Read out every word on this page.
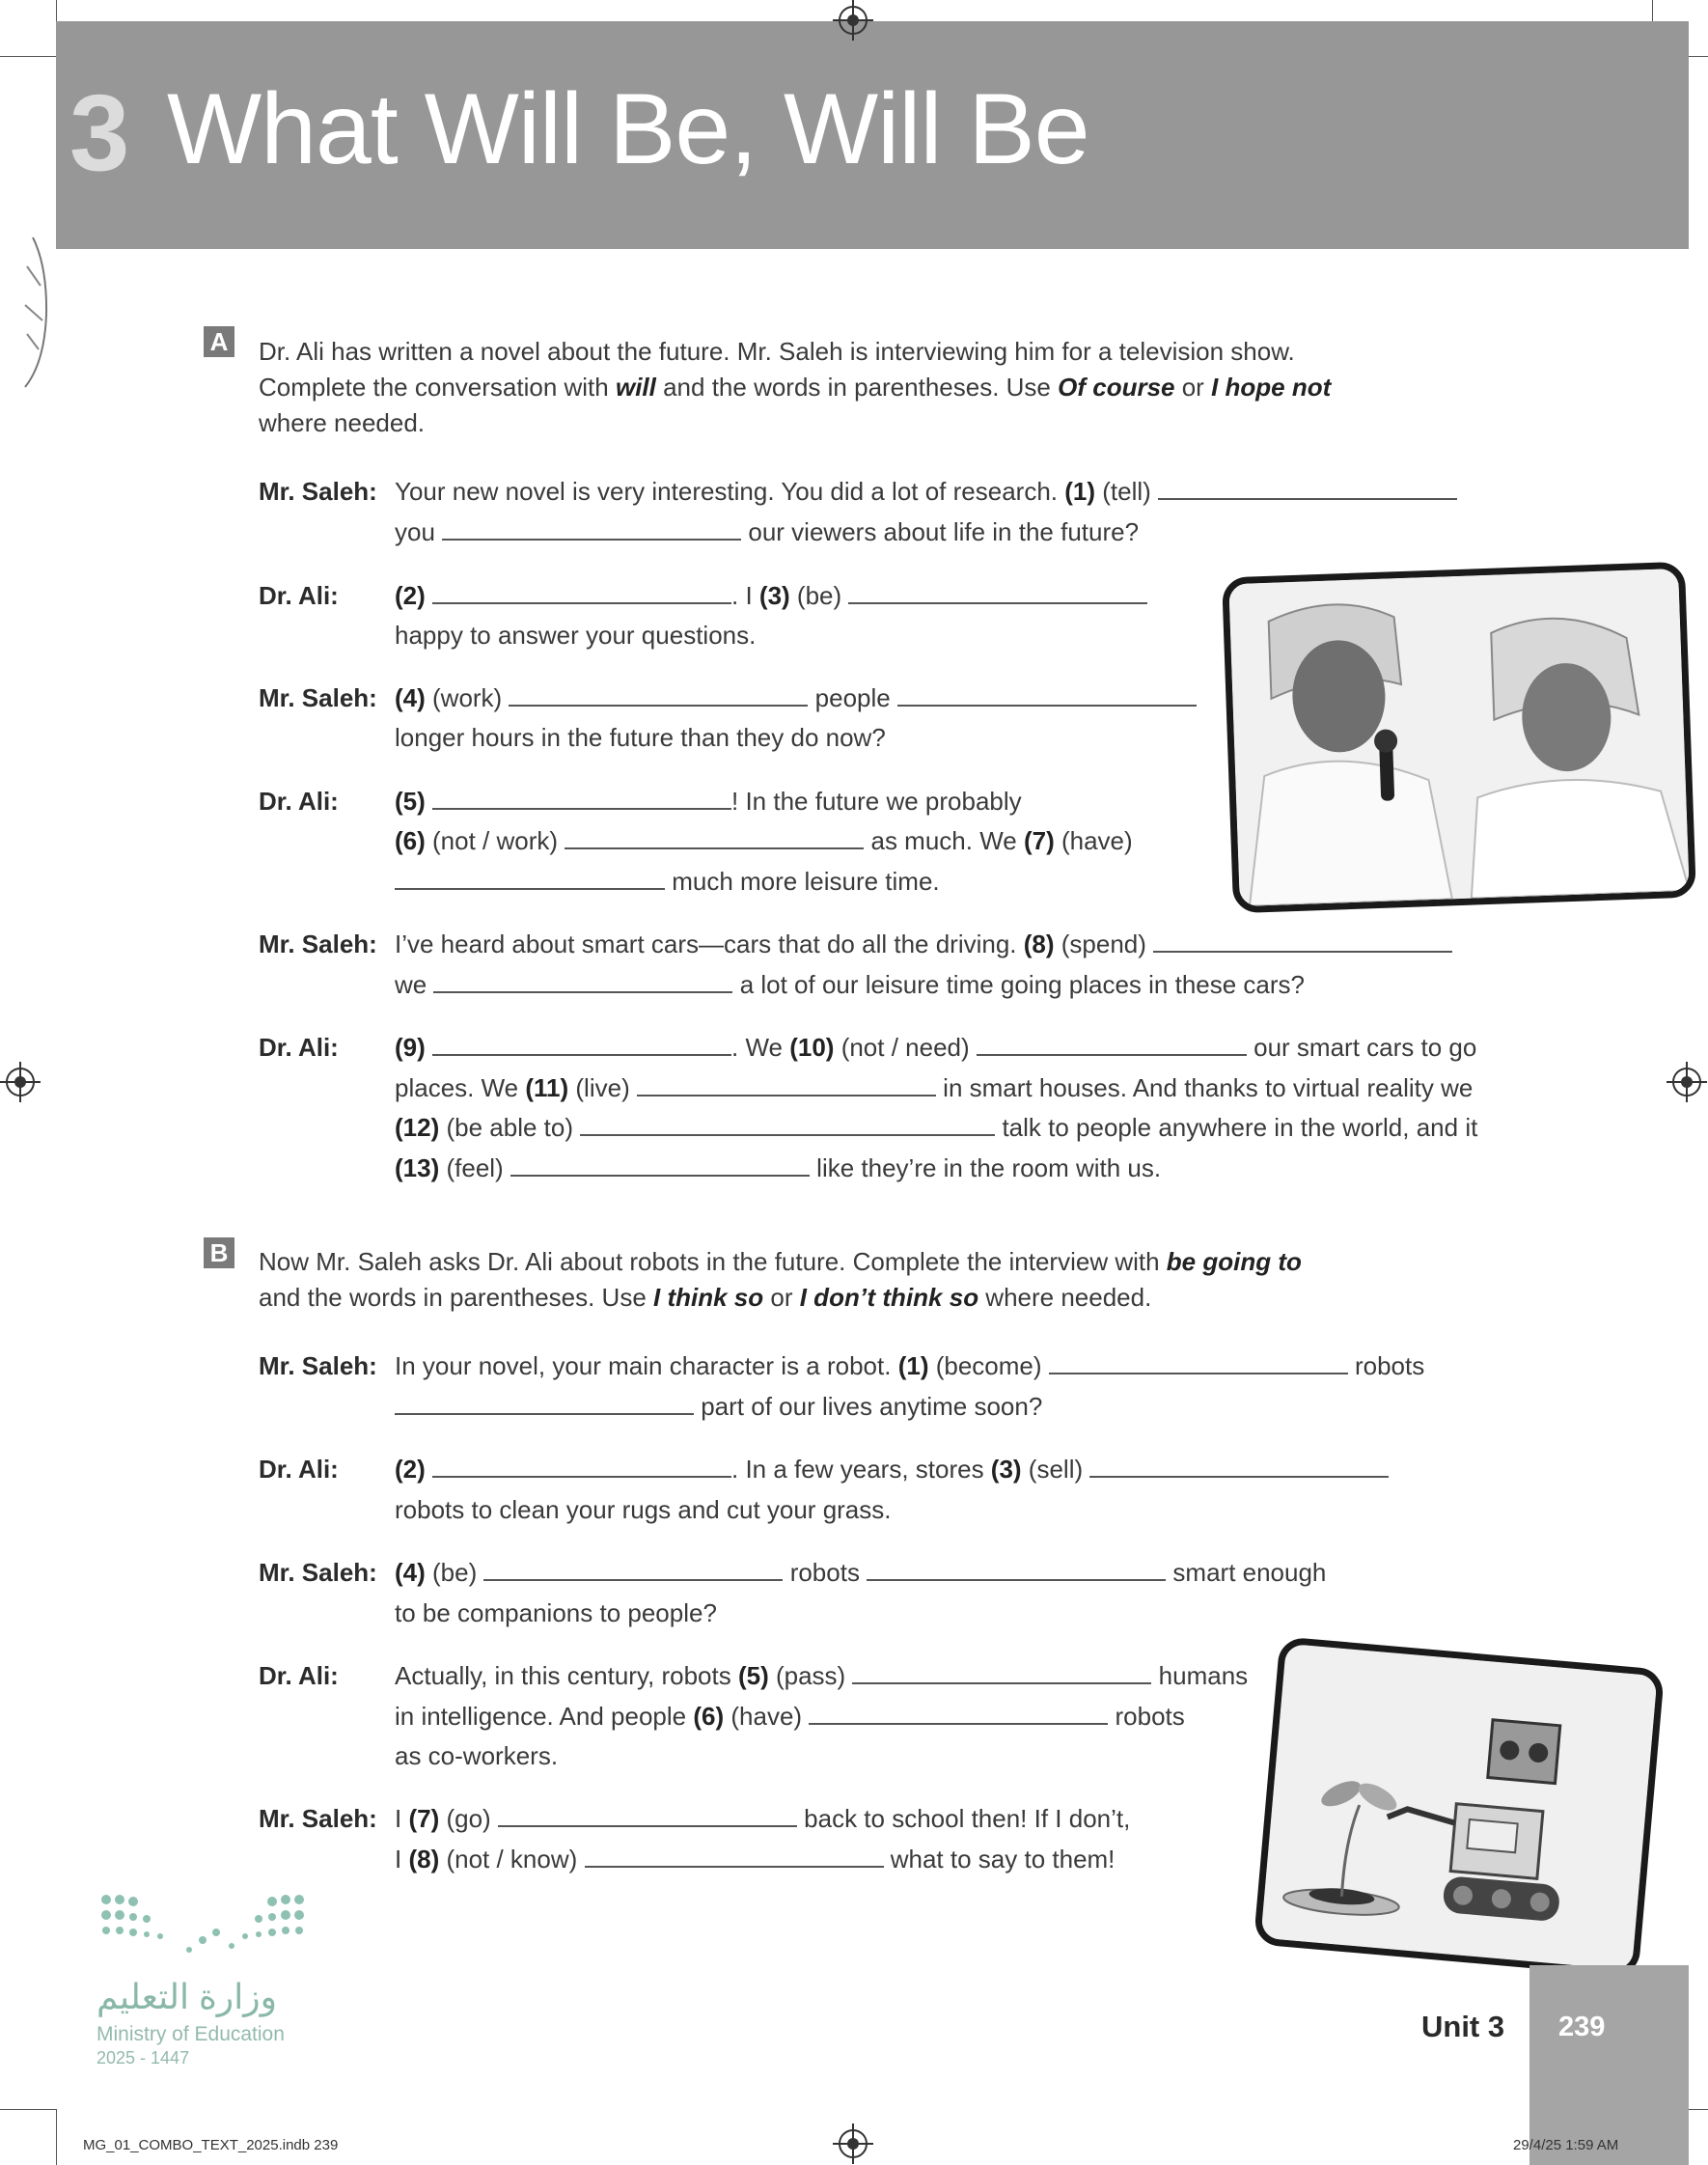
3 What Will Be, Will Be
A Dr. Ali has written a novel about the future. Mr. Saleh is interviewing him for a television show.
Complete the conversation with will and the words in parentheses. Use Of course or I hope not
where needed.
Mr. Saleh: Your new novel is very interesting. You did a lot of research. (1) (tell)
you	our viewers about life in the future?
Dr. Ali:	(2)	. I (3) (be)
happy to answer your questions.
Mr. Saleh: (4) (work)	people
longer hours in the future than they do now?
Dr. Ali:	(5)	! In the future we probably
(6) (not / work)	as much. We (7) (have)
much more leisure time.
Mr. Saleh: I’ve heard about smart cars—cars that do all the driving. (8) (spend)
we	a lot of our leisure time going places in these cars?
Dr. Ali:	(9)	. We (10) (not / need)	our smart cars to go
places. We (11) (live)	in smart houses. And thanks to virtual reality we
(12) (be able to)	talk to people anywhere in the world, and it
(13) (feel)	like they’re in the room with us.
B Now Mr. Saleh asks Dr. Ali about robots in the future. Complete the interview with be going to
and the words in parentheses. Use I think so or I don’t think so where needed.
Mr. Saleh: In your novel, your main character is a robot. (1) (become)	robots
part of our lives anytime soon?
Dr. Ali:	(2)	. In a few years, stores (3) (sell)
robots to clean your rugs and cut your grass.
Mr. Saleh: (4) (be)	robots	smart enough
to be companions to people?
Dr. Ali:	Actually, in this century, robots (5) (pass)	humans
in intelligence. And people (6) (have)	robots
as co-workers.
Mr. Saleh: I (7) (go)	back to school then! If I don’t,
I (8) (not / know)	what to say to them!
وزارة التعليم
Ministry of Education
2025 - 1447
Unit 3 239
MG_01_COMBO_TEXT_2025.indb 239	29/4/25 1:59 AM
